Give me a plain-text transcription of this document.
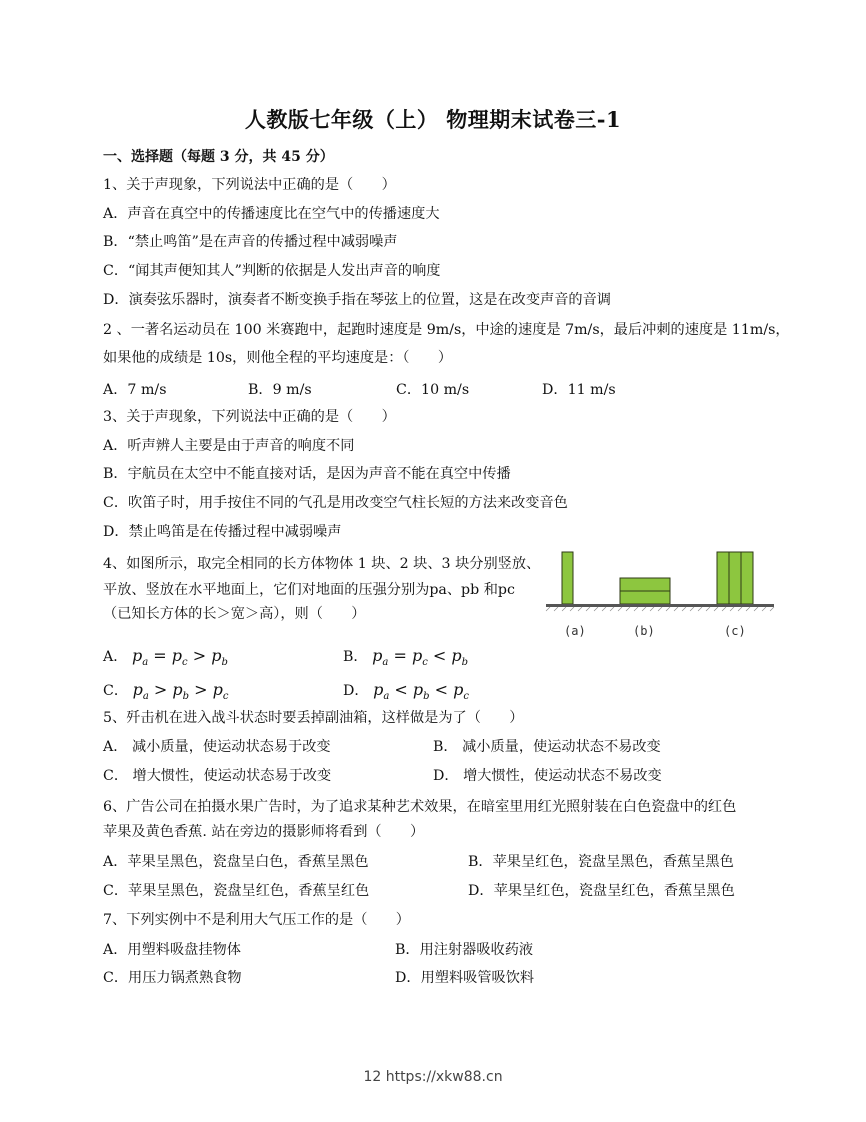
人教版七年级（上） 物理期末试卷三-1
一、选择题（每题 3 分，共 45 分）
1、关于声现象，下列说法中正确的是（　　）
A．声音在真空中的传播速度比在空气中的传播速度大
B．“禁止鸣笛”是在声音的传播过程中减弱噪声
C．“闻其声便知其人”判断的依据是人发出声音的响度
D．演奏弦乐器时，演奏者不断变换手指在琴弦上的位置，这是在改变声音的音调
2 、一著名运动员在 100 米赛跑中，起跑时速度是 9m/s，中途的速度是 7m/s，最后冲刺的速度是 11m/s，
如果他的成绩是 10s，则他全程的平均速度是：（　　）
A．7 m/s	B．9 m/s	C．10 m/s	D．11 m/s
3、关于声现象，下列说法中正确的是（　　）
A．听声辨人主要是由于声音的响度不同
B．宇航员在太空中不能直接对话，是因为声音不能在真空中传播
C．吹笛子时，用手按住不同的气孔是用改变空气柱长短的方法来改变音色
D．禁止鸣笛是在传播过程中减弱噪声
4、如图所示，取完全相同的长方体物体 1 块、2 块、3 块分别竖放、
平放、竖放在水平地面上，它们对地面的压强分别为pa、pb 和pc
（已知长方体的长＞宽＞高），则（　　）
(a)	(b)	(c)
A． $p_a = p_c > p_b$	B． $p_a = p_c < p_b$
C． $p_a > p_b > p_c$	D． $p_a < p_b < p_c$
5、歼击机在进入战斗状态时要丢掉副油箱，这样做是为了（　　）
A． 减小质量，使运动状态易于改变	B． 减小质量，使运动状态不易改变
C． 增大惯性，使运动状态易于改变	D． 增大惯性，使运动状态不易改变
6、广告公司在拍摄水果广告时，为了追求某种艺术效果，在暗室里用红光照射装在白色瓷盘中的红色
苹果及黄色香蕉. 站在旁边的摄影师将看到（　　）
A．苹果呈黑色，瓷盘呈白色，香蕉呈黑色	B．苹果呈红色，瓷盘呈黑色，香蕉呈黑色
C．苹果呈黑色，瓷盘呈红色，香蕉呈红色	D．苹果呈红色，瓷盘呈红色，香蕉呈黑色
7、下列实例中不是利用大气压工作的是（　　）
A．用塑料吸盘挂物体	B．用注射器吸收药液
C．用压力锅煮熟食物	D．用塑料吸管吸饮料
12 https://xkw88.cn
